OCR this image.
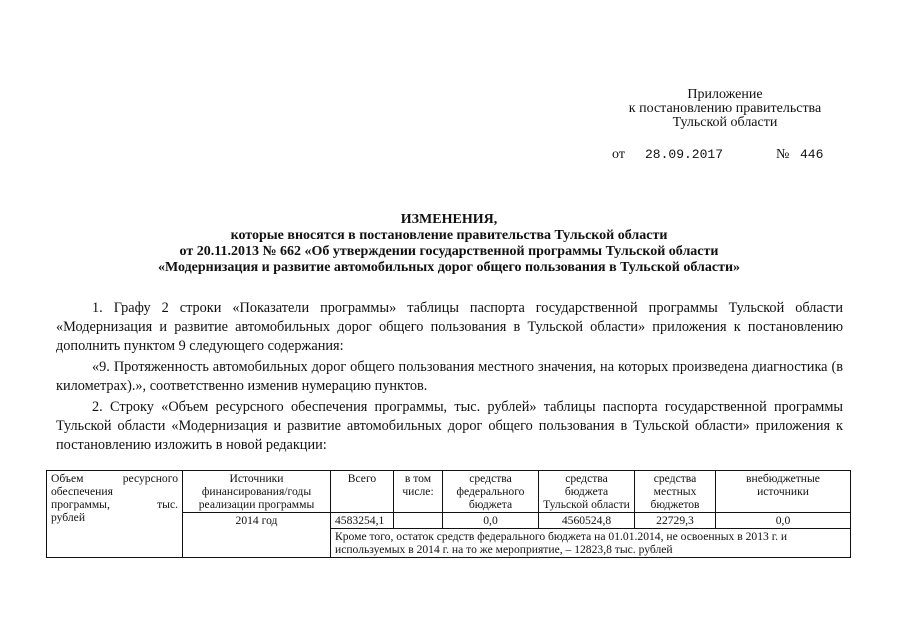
Приложение
к постановлению правительства
Тульской области
от 28.09.2017	№ 446
ИЗМЕНЕНИЯ,
которые вносятся в постановление правительства Тульской области
от 20.11.2013 № 662 «Об утверждении государственной программы Тульской области
«Модернизация и развитие автомобильных дорог общего пользования в Тульской области»

1. Графу 2 строки «Показатели программы» таблицы паспорта государственной программы Тульской области «Модернизация и развитие автомобильных дорог общего пользования в Тульской области» приложения к постановлению дополнить пунктом 9 следующего содержания:

«9. Протяженность автомобильных дорог общего пользования местного значения, на которых произведена диагностика (в километрах).», соответственно изменив нумерацию пунктов.

2. Строку «Объем ресурсного обеспечения программы, тыс. рублей» таблицы паспорта государственной программы Тульской области «Модернизация и развитие автомобильных дорог общего пользования в Тульской области» приложения к постановлению изложить в новой редакции:

Объем ресурсного
обеспечения
программы, тыс.
рублей	Источники финансирования/годы реализации программы	Всего	в том числе:	средства федерального бюджета	средства бюджета Тульской области	средства местных бюджетов	внебюджетные источники
	2014 год	4583254,1		0,0	4560524,8	22729,3	0,0
		Кроме того, остаток средств федерального бюджета на 01.01.2014, не освоенных в 2013 г. и используемых в 2014 г. на то же мероприятие, – 12823,8 тыс. рублей					
